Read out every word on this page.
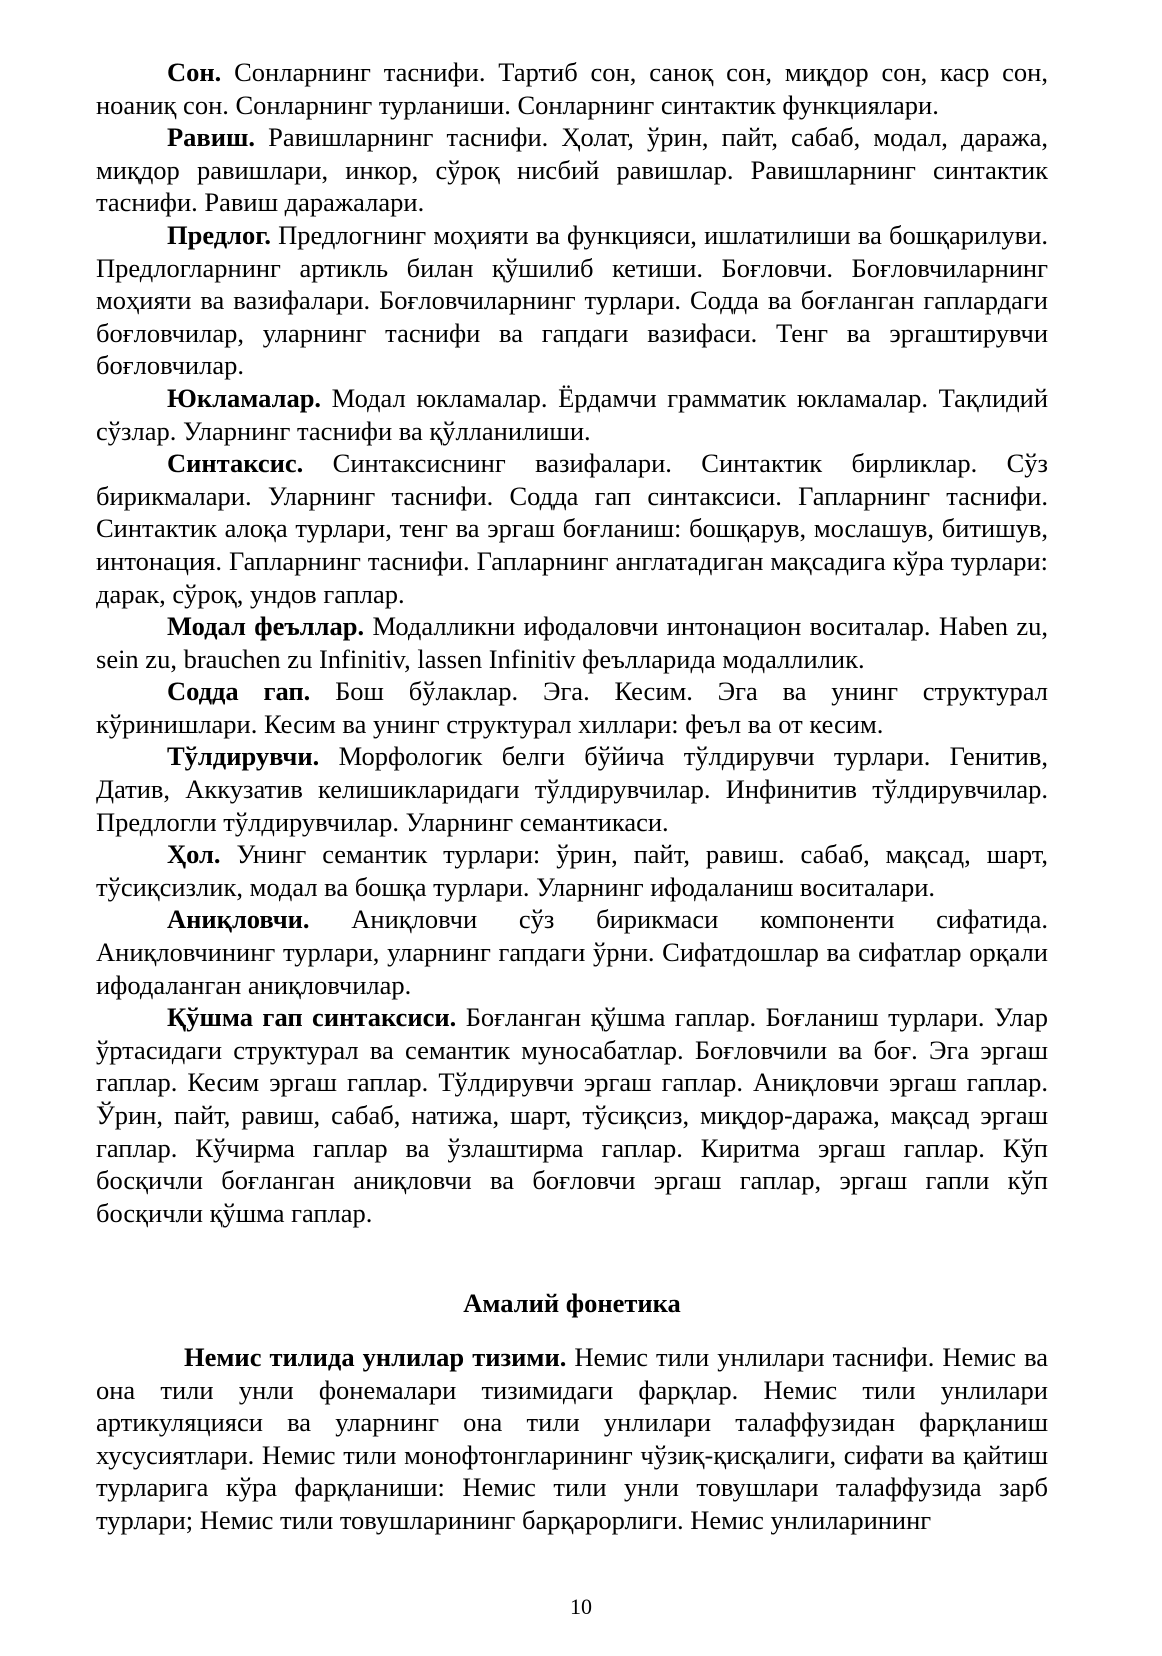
Сон. Сонларнинг таснифи. Тартиб сон, саноқ сон, миқдор сон, каср сон, ноаниқ сон. Сонларнинг турланиши. Сонларнинг синтактик функциялари.

Равиш. Равишларнинг таснифи. Ҳолат, ўрин, пайт, сабаб, модал, даража, миқдор равишлари, инкор, сўроқ нисбий равишлар. Равишларнинг синтактик таснифи. Равиш даражалари.

Предлог. Предлогнинг моҳияти ва функцияси, ишлатилиши ва бошқарилуви. Предлогларнинг артикль билан қўшилиб кетиши. Боғловчи. Боғловчиларнинг моҳияти ва вазифалари. Боғловчиларнинг турлари. Содда ва боғланган гаплардаги боғловчилар, уларнинг таснифи ва гапдаги вазифаси. Тенг ва эргаштирувчи боғловчилар.

Юкламалар. Модал юкламалар. Ёрдамчи грамматик юкламалар. Тақлидий сўзлар. Уларнинг таснифи ва қўлланилиши.

Синтаксис. Синтаксиснинг вазифалари. Синтактик бирликлар. Сўз бирикмалари. Уларнинг таснифи. Содда гап синтаксиси. Гапларнинг таснифи. Синтактик алоқа турлари, тенг ва эргаш боғланиш: бошқарув, мослашув, битишув, интонация. Гапларнинг таснифи. Гапларнинг англатадиган мақсадига кўра турлари: дарак, сўроқ, ундов гаплар.

Модал феъллар. Модалликни ифодаловчи интонацион воситалар. Haben zu, sein zu, brauchen zu Infinitiv, lassen Infinitiv феълларида модаллилик.

Содда гап. Бош бўлаклар. Эга. Кесим. Эга ва унинг структурал кўринишлари. Кесим ва унинг структурал хиллари: феъл ва от кесим.

Тўлдирувчи. Морфологик белги бўйича тўлдирувчи турлари. Генитив, Датив, Аккузатив келишикларидаги тўлдирувчилар. Инфинитив тўлдирувчилар. Предлогли тўлдирувчилар. Уларнинг семантикаси.

Ҳол. Унинг семантик турлари: ўрин, пайт, равиш. сабаб, мақсад, шарт, тўсиқсизлик, модал ва бошқа турлари. Уларнинг ифодаланиш воситалари.

Аниқловчи. Аниқловчи сўз бирикмаси компоненти сифатида. Аниқловчининг турлари, уларнинг гапдаги ўрни. Сифатдошлар ва сифатлар орқали ифодаланган аниқловчилар.

Қўшма гап синтаксиси. Боғланган қўшма гаплар. Боғланиш турлари. Улар ўртасидаги структурал ва семантик муносабатлар. Боғловчили ва боғ. Эга эргаш гаплар. Кесим эргаш гаплар. Тўлдирувчи эргаш гаплар. Аниқловчи эргаш гаплар. Ўрин, пайт, равиш, сабаб, натижа, шарт, тўсиқсиз, миқдор-даража, мақсад эргаш гаплар. Кўчирма гаплар ва ўзлаштирма гаплар. Киритма эргаш гаплар. Кўп босқичли боғланган аниқловчи ва боғловчи эргаш гаплар, эргаш гапли кўп босқичли қўшма гаплар.

Амалий фонетика

Немис тилида унлилар тизими. Немис тили унлилари таснифи. Немис ва она тили унли фонемалари тизимидаги фарқлар. Немис тили унлилари артикуляцияси ва уларнинг она тили унлилари талаффузидан фарқланиш хусусиятлари. Немис тили монофтонгларининг чўзиқ-қисқалиги, сифати ва қайтиш турларига кўра фарқланиши: Немис тили унли товушлари талаффузида зарб турлари; Немис тили товушларининг барқарорлиги. Немис унлиларининг

10
